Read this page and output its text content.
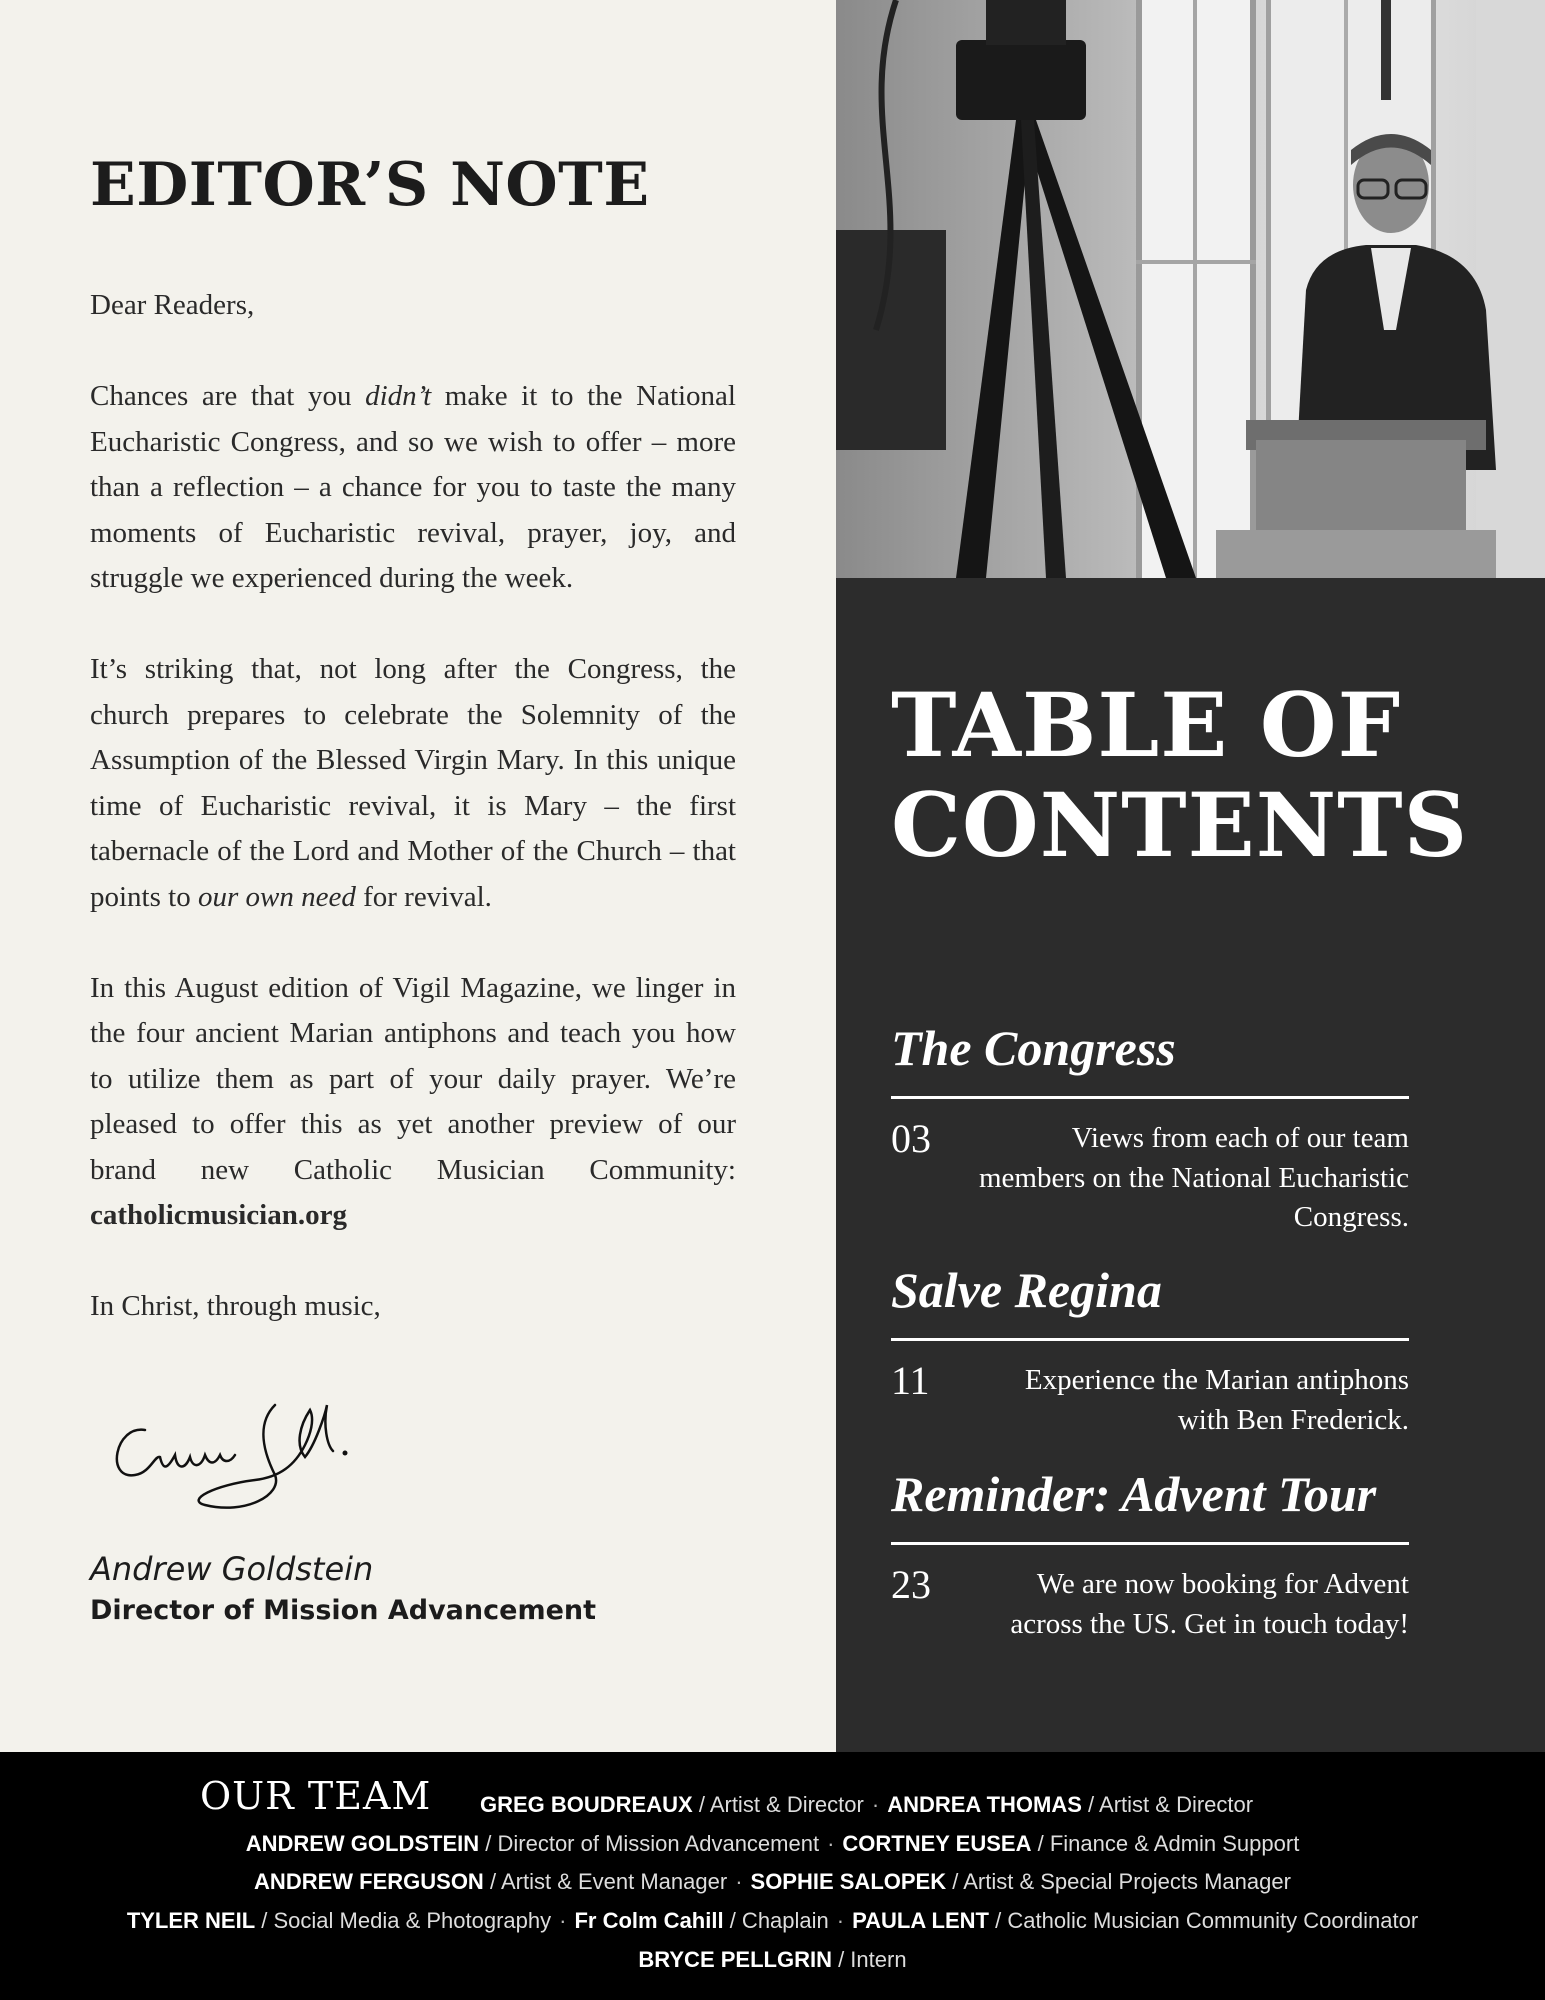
EDITOR’S NOTE

Dear Readers,

Chances are that you didn’t make it to the National Eucharistic Congress, and so we wish to offer – more than a reflection – a chance for you to taste the many moments of Eucharistic revival, prayer, joy, and struggle we experienced during the week.

It’s striking that, not long after the Congress, the church prepares to celebrate the Solemnity of the Assumption of the Blessed Virgin Mary. In this unique time of Eucharistic revival, it is Mary – the first tabernacle of the Lord and Mother of the Church – that points to our own need for revival.

In this August edition of Vigil Magazine, we linger in the four ancient Marian antiphons and teach you how to utilize them as part of your daily prayer. We’re pleased to offer this as yet another preview of our brand new Catholic Musician Community: catholicmusician.org

In Christ, through music,

Andrew Goldstein
Director of Mission Advancement
TABLE OF
CONTENTS
The Congress
03	Views from each of our team members on the National Eucharistic Congress.
Salve Regina
11	Experience the Marian antiphons with Ben Frederick.
Reminder: Advent Tour
23	We are now booking for Advent across the US. Get in touch today!
OUR TEAM	GREG BOUDREAUX / Artist & Director · ANDREA THOMAS / Artist & Director
ANDREW GOLDSTEIN / Director of Mission Advancement · CORTNEY EUSEA / Finance & Admin Support
ANDREW FERGUSON / Artist & Event Manager · SOPHIE SALOPEK / Artist & Special Projects Manager
TYLER NEIL / Social Media & Photography · Fr Colm Cahill / Chaplain · PAULA LENT / Catholic Musician Community Coordinator
BRYCE PELLGRIN / Intern
